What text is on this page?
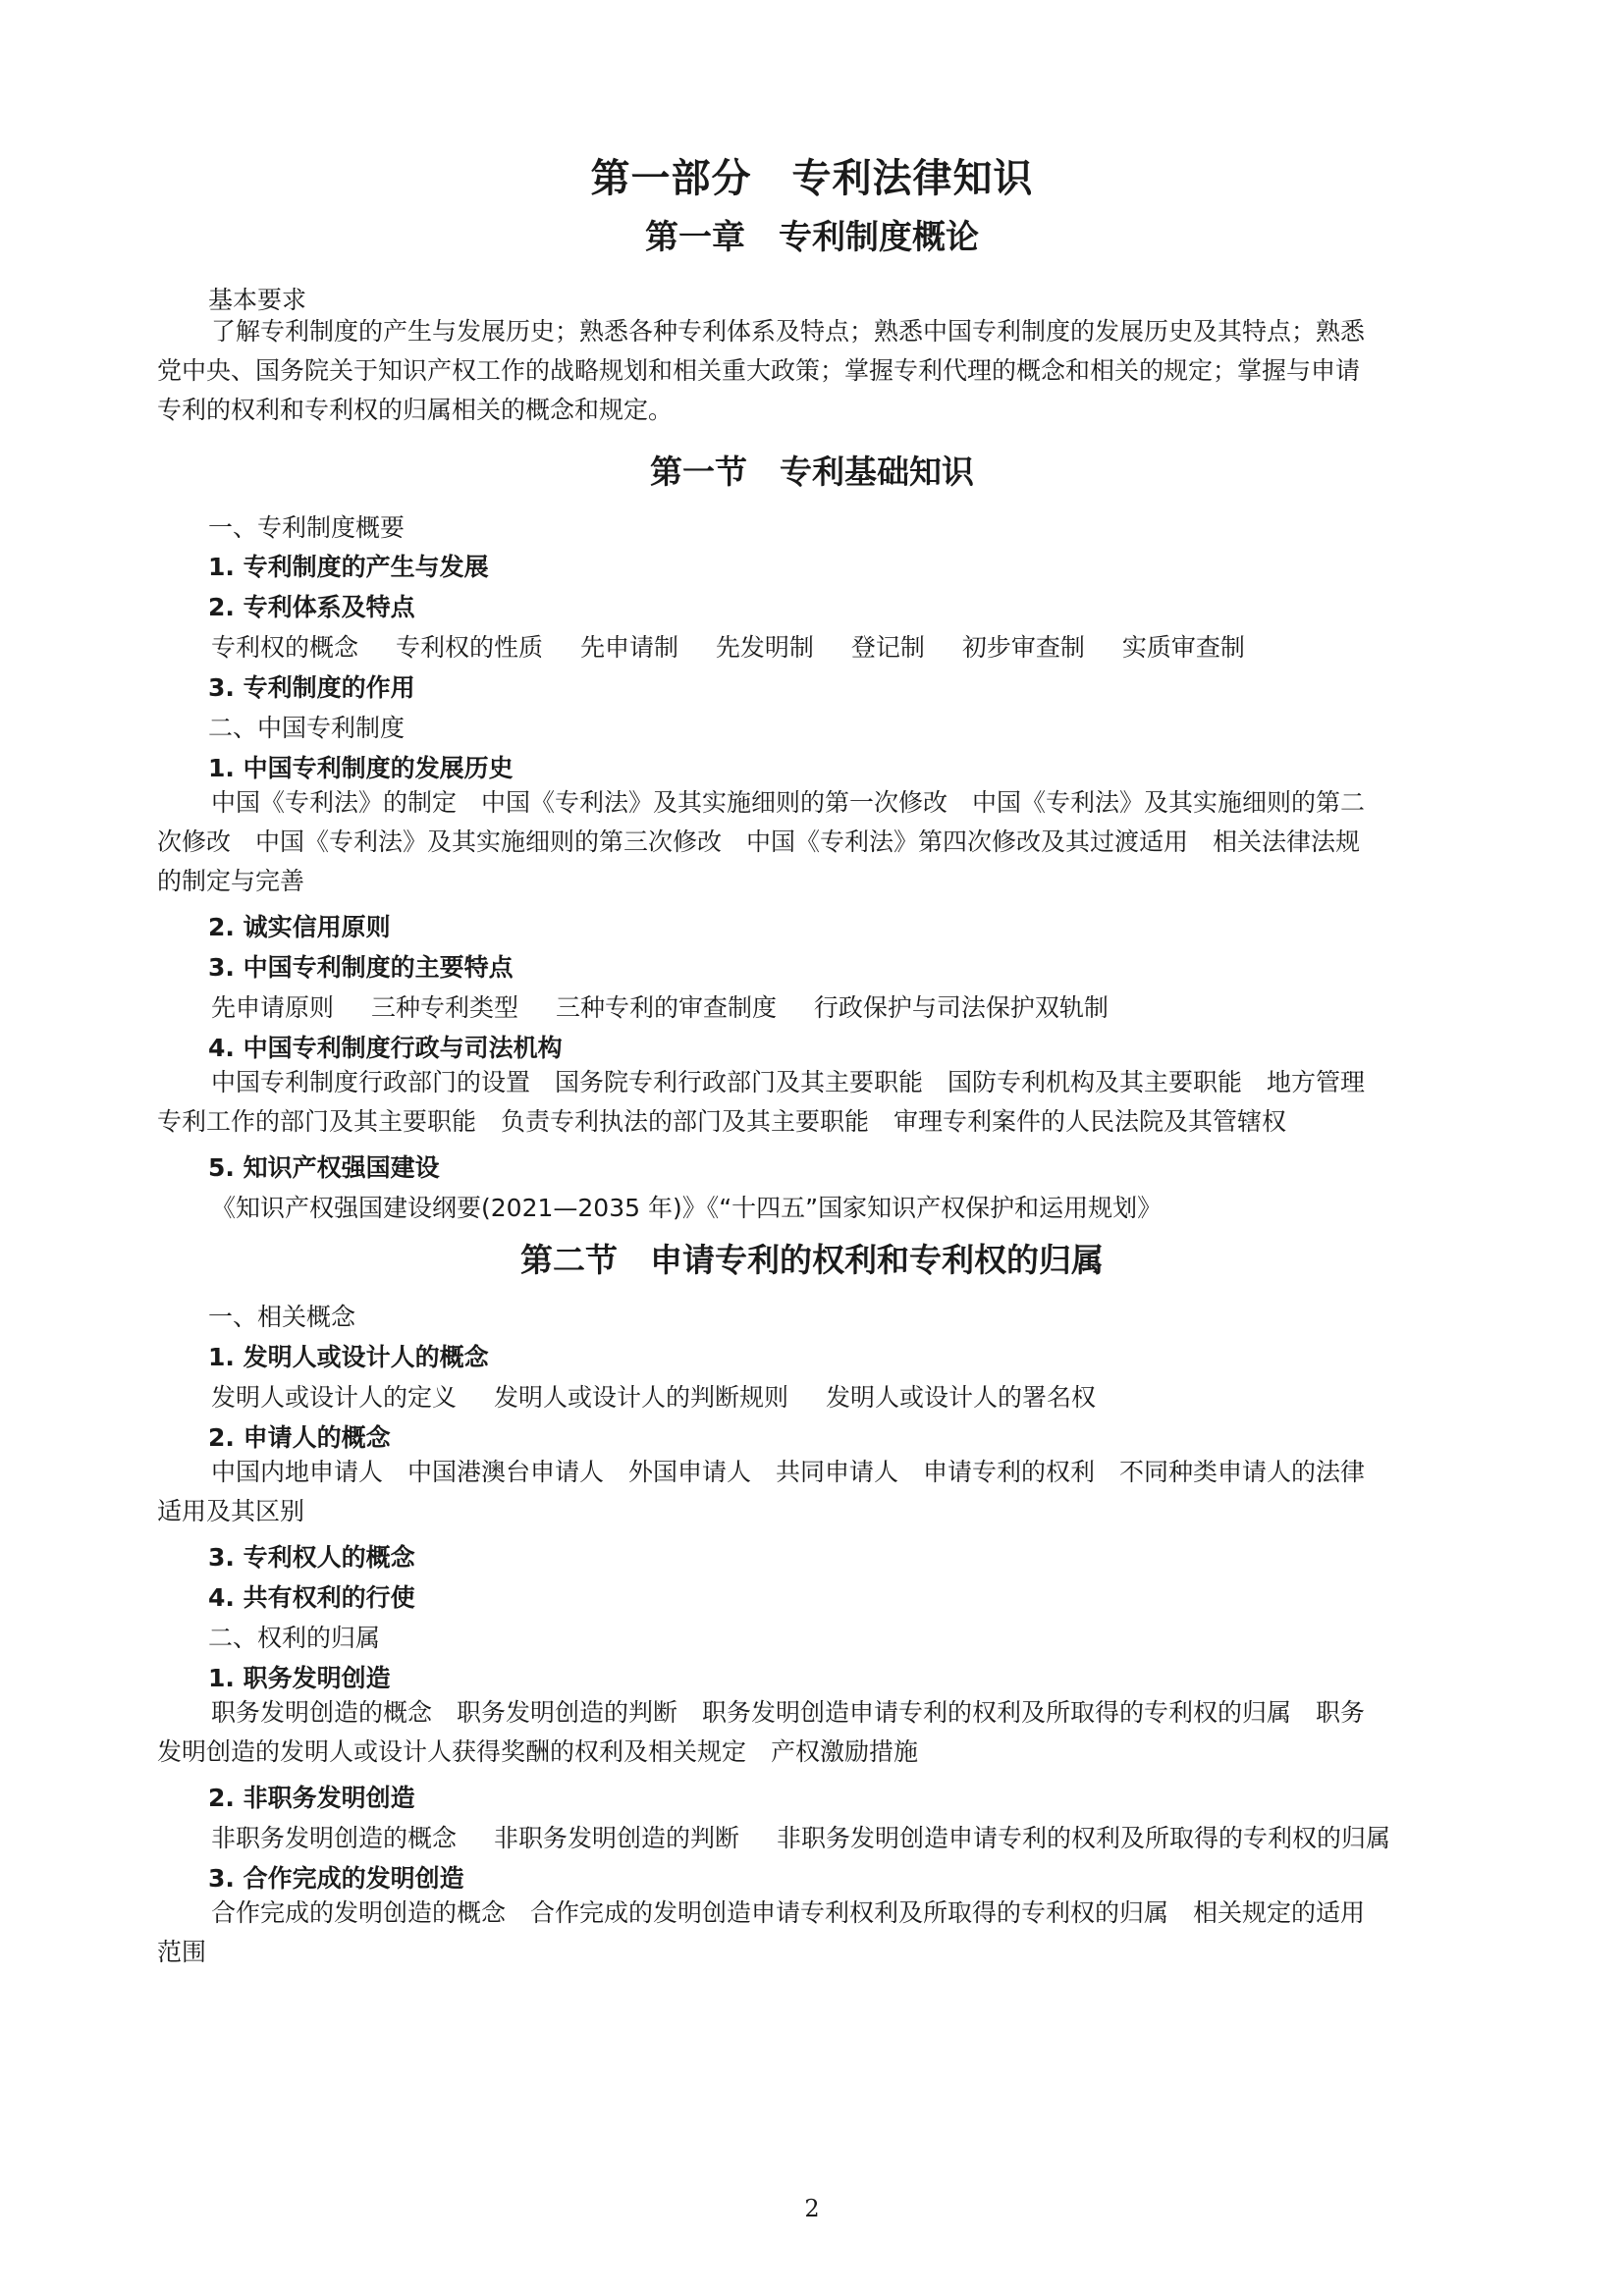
第一部分　专利法律知识
第一章　专利制度概论
基本要求
了解专利制度的产生与发展历史；熟悉各种专利体系及特点；熟悉中国专利制度的发展历史及其特点；熟悉
党中央、国务院关于知识产权工作的战略规划和相关重大政策；掌握专利代理的概念和相关的规定；掌握与申请
专利的权利和专利权的归属相关的概念和规定。
第一节　专利基础知识
一、专利制度概要
1. 专利制度的产生与发展
2. 专利体系及特点
专利权的概念 专利权的性质 先申请制 先发明制 登记制 初步审查制 实质审查制
3. 专利制度的作用
二、中国专利制度
1. 中国专利制度的发展历史
中国《专利法》的制定　中国《专利法》及其实施细则的第一次修改　中国《专利法》及其实施细则的第二
次修改　中国《专利法》及其实施细则的第三次修改　中国《专利法》第四次修改及其过渡适用　相关法律法规
的制定与完善
2. 诚实信用原则
3. 中国专利制度的主要特点
先申请原则 三种专利类型 三种专利的审查制度 行政保护与司法保护双轨制
4. 中国专利制度行政与司法机构
中国专利制度行政部门的设置　国务院专利行政部门及其主要职能　国防专利机构及其主要职能　地方管理
专利工作的部门及其主要职能　负责专利执法的部门及其主要职能　审理专利案件的人民法院及其管辖权
5. 知识产权强国建设
《知识产权强国建设纲要(2021—2035 年)》《“十四五”国家知识产权保护和运用规划》
第二节　申请专利的权利和专利权的归属
一、相关概念
1. 发明人或设计人的概念
发明人或设计人的定义 发明人或设计人的判断规则 发明人或设计人的署名权
2. 申请人的概念
中国内地申请人　中国港澳台申请人　外国申请人　共同申请人　申请专利的权利　不同种类申请人的法律
适用及其区别
3. 专利权人的概念
4. 共有权利的行使
二、权利的归属
1. 职务发明创造
职务发明创造的概念　职务发明创造的判断　职务发明创造申请专利的权利及所取得的专利权的归属　职务
发明创造的发明人或设计人获得奖酬的权利及相关规定　产权激励措施
2. 非职务发明创造
非职务发明创造的概念 非职务发明创造的判断 非职务发明创造申请专利的权利及所取得的专利权的归属
3. 合作完成的发明创造
合作完成的发明创造的概念　合作完成的发明创造申请专利权利及所取得的专利权的归属　相关规定的适用
范围
2
